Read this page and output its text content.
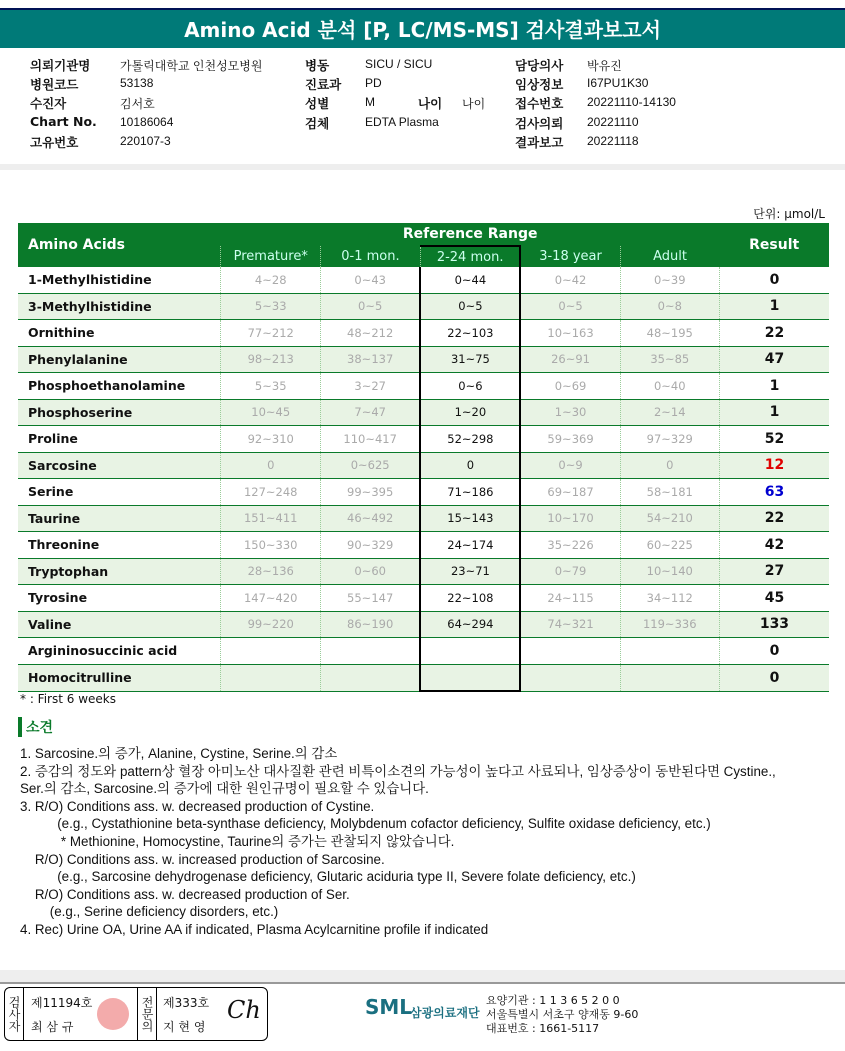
Amino Acid 분석 [P, LC/MS-MS] 검사결과보고서
의뢰기관명 가톨릭대학교 인천성모병원
병원코드	53138
수진자	김서호
Chart No. 10186064
고유번호	220107-3
병동	SICU / SICU
진료과 PD
성별	M
검체	EDTA Plasma
나이 나이
담당의사 박유진
임상정보 I67PU1K30
접수번호 20221110-14130
검사의뢰 20221110
결과보고 20221118
단위: µmol/L
Amino Acids	Reference Range					Result
	Premature*	0-1 mon.	2-24 mon.	3-18 year	Adult	
1-Methylhistidine	4~28	0~43	0~44	0~42	0~39	0
3-Methylhistidine	5~33	0~5	0~5	0~5	0~8	1
Ornithine	77~212	48~212	22~103	10~163	48~195	22
Phenylalanine	98~213	38~137	31~75	26~91	35~85	47
Phosphoethanolamine	5~35	3~27	0~6	0~69	0~40	1
Phosphoserine	10~45	7~47	1~20	1~30	2~14	1
Proline	92~310	110~417	52~298	59~369	97~329	52
Sarcosine	0	0~625	0	0~9	0	12
Serine	127~248	99~395	71~186	69~187	58~181	63
Taurine	151~411	46~492	15~143	10~170	54~210	22
Threonine	150~330	90~329	24~174	35~226	60~225	42
Tryptophan	28~136	0~60	23~71	0~79	10~140	27
Tyrosine	147~420	55~147	22~108	24~115	34~112	45
Valine	99~220	86~190	64~294	74~321	119~336	133
Argininosuccinic acid						0
Homocitrulline						0
* : First 6 weeks
소견
1. Sarcosine.의 증가, Alanine, Cystine, Serine.의 감소
2. 증감의 정도와 pattern상 혈장 아미노산 대사질환 관련 비특이소견의 가능성이 높다고 사료되나, 임상증상이 동반된다면 Cystine.,
Ser.의 감소, Sarcosine.의 증가에 대한 원인규명이 필요할 수 있습니다.
3. R/O) Conditions ass. w. decreased production of Cystine.
(e.g., Cystathionine beta-synthase deficiency, Molybdenum cofactor deficiency, Sulfite oxidase deficiency, etc.)
* Methionine, Homocystine, Taurine의 증가는 관찰되지 않았습니다.
R/O) Conditions ass. w. increased production of Sarcosine.
(e.g., Sarcosine dehydrogenase deficiency, Glutaric aciduria type II, Severe folate deficiency, etc.)
R/O) Conditions ass. w. decreased production of Ser.
(e.g., Serine deficiency disorders, etc.)
4. Rec) Urine OA, Urine AA if indicated, Plasma Acylcarnitine profile if indicated
검사자 제11194호
최 삼 규	전문의 제333호
지 현 영
Ch	SML
삼광의료재단
요양기관 : 1 1 3 6 5 2 0 0
서울특별시 서초구 양재동 9-60
대표번호 : 1661-5117
